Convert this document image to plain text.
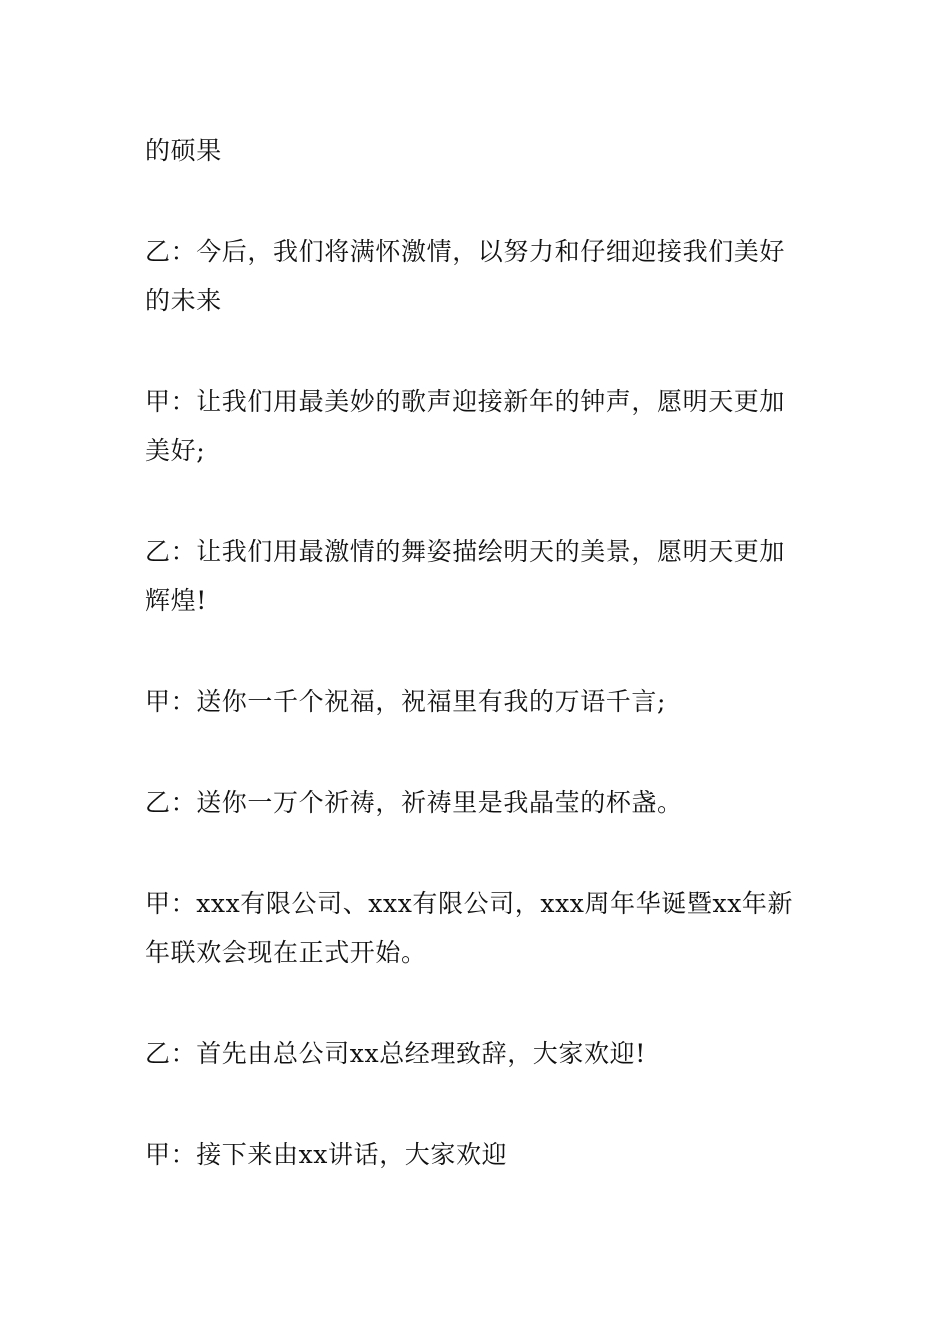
的硕果

乙：今后，我们将满怀激情，以努力和仔细迎接我们美好的未来

甲：让我们用最美妙的歌声迎接新年的钟声，愿明天更加美好;

乙：让我们用最激情的舞姿描绘明天的美景，愿明天更加辉煌!

甲：送你一千个祝福，祝福里有我的万语千言;

乙：送你一万个祈祷，祈祷里是我晶莹的杯盏。

甲：xxx有限公司、xxx有限公司，xxx周年华诞暨xx年新年联欢会现在正式开始。

乙：首先由总公司xx总经理致辞，大家欢迎!

甲：接下来由xx讲话，大家欢迎
